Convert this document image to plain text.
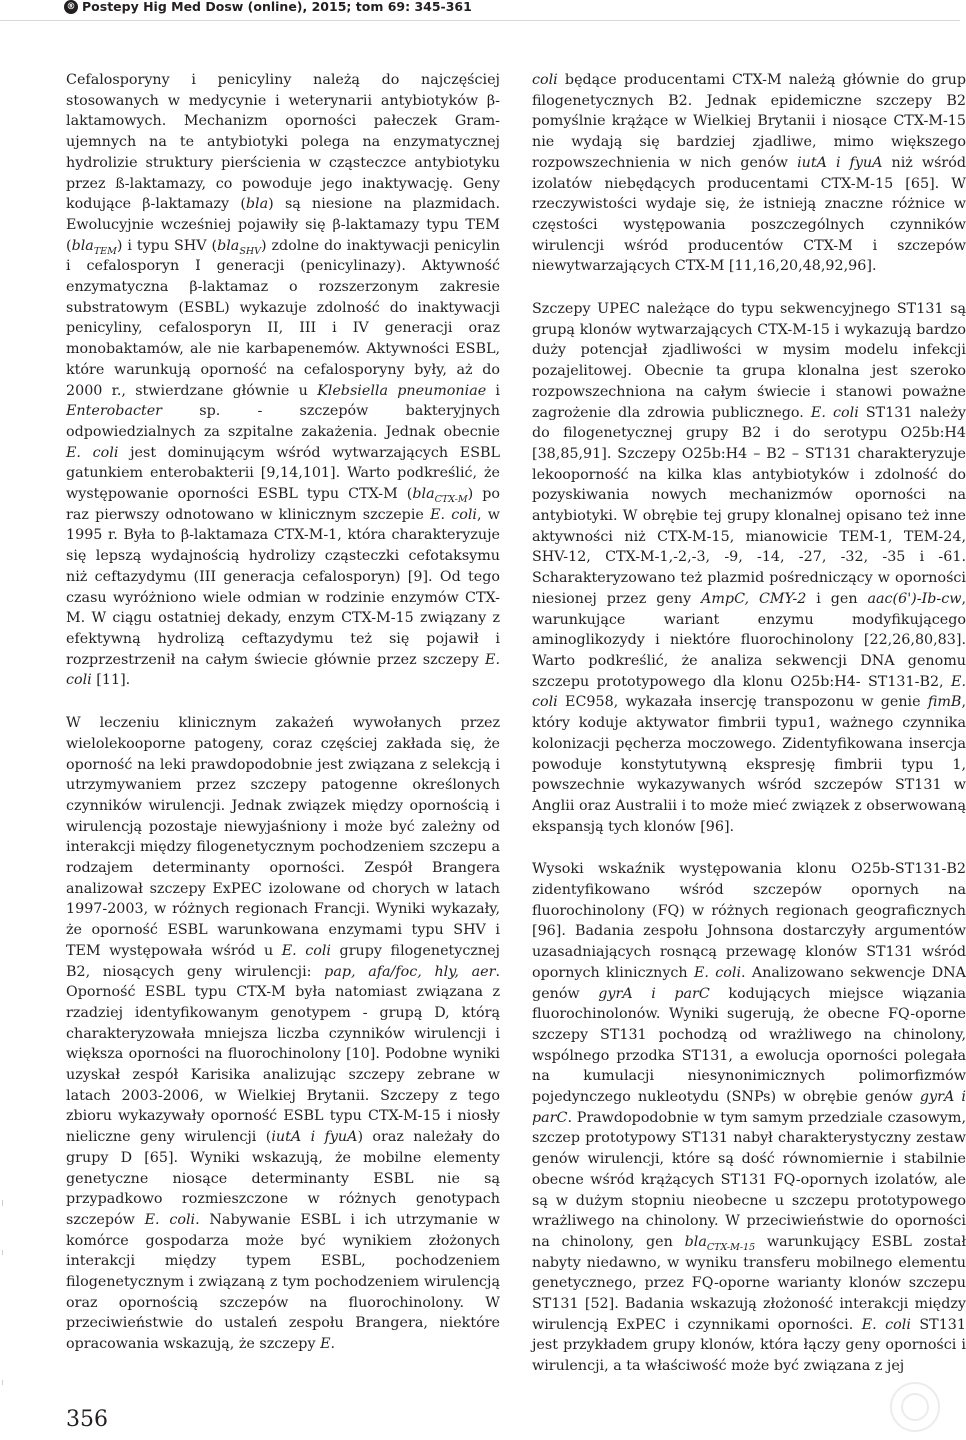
® Postepy Hig Med Dosw (online), 2015; tom 69: 345-361

Cefalosporyny i penicyliny należą do najczęściej stosowanych w medycynie i weterynarii antybiotyków β-laktamowych. Mechanizm oporności pałeczek Gram-ujemnych na te antybiotyki polega na enzymatycznej hydrolizie struktury pierścienia w cząsteczce antybiotyku przez ß-laktamazy, co powoduje jego inaktywację. Geny kodujące β-laktamazy (bla) są niesione na plazmidach. Ewolucyjnie wcześniej pojawiły się β-laktamazy typu TEM (bla$_{TEM}$) i typu SHV (bla$_{SHV}$) zdolne do inaktywacji penicylin i cefalosporyn I generacji (penicylinazy). Aktywność enzymatyczna β-laktamaz o rozszerzonym zakresie substratowym (ESBL) wykazuje zdolność do inaktywacji penicyliny, cefalosporyn II, III i IV generacji oraz monobaktamów, ale nie karbapenemów. Aktywności ESBL, które warunkują oporność na cefalosporyny były, aż do 2000 r., stwierdzane głównie u Klebsiella pneumoniae i Enterobacter sp. - szczepów bakteryjnych odpowiedzialnych za szpitalne zakażenia. Jednak obecnie E. coli jest dominującym wśród wytwarzających ESBL gatunkiem enterobakterii [9,14,101]. Warto podkreślić, że występowanie oporności ESBL typu CTX-M (bla$_{CTX-M}$) po raz pierwszy odnotowano w klinicznym szczepie E. coli, w 1995 r. Była to β-laktamaza CTX-M-1, która charakteryzuje się lepszą wydajnością hydrolizy cząsteczki cefotaksymu niż ceftazydymu (III generacja cefalosporyn) [9]. Od tego czasu wyróżniono wiele odmian w rodzinie enzymów CTX-M. W ciągu ostatniej dekady, enzym CTX-M-15 związany z efektywną hydrolizą ceftazydymu też się pojawił i rozprzestrzenił na całym świecie głównie przez szczepy E. coli [11].

W leczeniu klinicznym zakażeń wywołanych przez wielolekooporne patogeny, coraz częściej zakłada się, że oporność na leki prawdopodobnie jest związana z selekcją i utrzymywaniem przez szczepy patogenne określonych czynników wirulencji. Jednak związek między opornością i wirulencją pozostaje niewyjaśniony i może być zależny od interakcji między filogenetycznym pochodzeniem szczepu a rodzajem determinanty oporności. Zespół Brangera analizował szczepy ExPEC izolowane od chorych w latach 1997-2003, w różnych regionach Francji. Wyniki wykazały, że oporność ESBL warunkowana enzymami typu SHV i TEM występowała wśród u E. coli grupy filogenetycznej B2, niosących geny wirulencji: pap, afa/foc, hly, aer. Oporność ESBL typu CTX-M była natomiast związana z rzadziej identyfikowanym genotypem - grupą D, którą charakteryzowała mniejsza liczba czynników wirulencji i większa oporności na fluorochinolony [10]. Podobne wyniki uzyskał zespół Karisika analizując szczepy zebrane w latach 2003-2006, w Wielkiej Brytanii. Szczepy z tego zbioru wykazywały oporność ESBL typu CTX-M-15 i niosły nieliczne geny wirulencji (iutA i fyuA) oraz należały do grupy D [65]. Wyniki wskazują, że mobilne elementy genetyczne niosące determinanty ESBL nie są przypadkowo rozmieszczone w różnych genotypach szczepów E. coli. Nabywanie ESBL i ich utrzymanie w komórce gospodarza może być wynikiem złożonych interakcji między typem ESBL, pochodzeniem filogenetycznym i związaną z tym pochodzeniem wirulencją oraz opornością szczepów na fluorochinolony. W przeciwieństwie do ustaleń zespołu Brangera, niektóre opracowania wskazują, że szczepy E.

coli będące producentami CTX-M należą głównie do grup filogenetycznych B2. Jednak epidemiczne szczepy B2 pomyślnie krążące w Wielkiej Brytanii i niosące CTX-M-15 nie wydają się bardziej zjadliwe, mimo większego rozpowszechnienia w nich genów iutA i fyuA niż wśród izolatów niebędących producentami CTX-M-15 [65]. W rzeczywistości wydaje się, że istnieją znaczne różnice w częstości występowania poszczególnych czynników wirulencji wśród producentów CTX-M i szczepów niewytwarzających CTX-M [11,16,20,48,92,96].

Szczepy UPEC należące do typu sekwencyjnego ST131 są grupą klonów wytwarzających CTX-M-15 i wykazują bardzo duży potencjał zjadliwości w mysim modelu infekcji pozajelitowej. Obecnie ta grupa klonalna jest szeroko rozpowszechniona na całym świecie i stanowi poważne zagrożenie dla zdrowia publicznego. E. coli ST131 należy do filogenetycznej grupy B2 i do serotypu O25b:H4 [38,85,91]. Szczepy O25b:H4 – B2 – ST131 charakteryzuje lekooporność na kilka klas antybiotyków i zdolność do pozyskiwania nowych mechanizmów oporności na antybiotyki. W obrębie tej grupy klonalnej opisano też inne aktywności niż CTX-M-15, mianowicie TEM-1, TEM-24, SHV-12, CTX-M-1,-2,-3, -9, -14, -27, -32, -35 i -61. Scharakteryzowano też plazmid pośredniczący w oporności niesionej przez geny AmpC, CMY-2 i gen aac(6')-Ib-cw, warunkujące wariant enzymu modyfikującego aminoglikozydy i niektóre fluorochinolony [22,26,80,83]. Warto podkreślić, że analiza sekwencji DNA genomu szczepu prototypowego dla klonu O25b:H4- ST131-B2, E. coli EC958, wykazała insercję transpozonu w genie fimB, który koduje aktywator fimbrii typu1, ważnego czynnika kolonizacji pęcherza moczowego. Zidentyfikowana insercja powoduje konstytutywną ekspresję fimbrii typu 1, powszechnie wykazywanych wśród szczepów ST131 w Anglii oraz Australii i to może mieć związek z obserwowaną ekspansją tych klonów [96].

Wysoki wskaźnik występowania klonu O25b-ST131-B2 zidentyfikowano wśród szczepów opornych na fluorochinolony (FQ) w różnych regionach geograficznych [96]. Badania zespołu Johnsona dostarczyły argumentów uzasadniających rosnącą przewagę klonów ST131 wśród opornych klinicznych E. coli. Analizowano sekwencje DNA genów gyrA i parC kodujących miejsce wiązania fluorochinolonów. Wyniki sugerują, że obecne FQ-oporne szczepy ST131 pochodzą od wrażliwego na chinolony, wspólnego przodka ST131, a ewolucja oporności polegała na kumulacji niesynonimicznych polimorfizmów pojedynczego nukleotydu (SNPs) w obrębie genów gyrA i parC. Prawdopodobnie w tym samym przedziale czasowym, szczep prototypowy ST131 nabył charakterystyczny zestaw genów wirulencji, które są dość równomiernie i stabilnie obecne wśród krążących ST131 FQ-opornych izolatów, ale są w dużym stopniu nieobecne u szczepu prototypowego wrażliwego na chinolony. W przeciwieństwie do oporności na chinolony, gen bla$_{CTX-M-15}$ warunkujący ESBL został nabyty niedawno, w wyniku transferu mobilnego elementu genetycznego, przez FQ-oporne warianty klonów szczepu ST131 [52]. Badania wskazują złożoność interakcji między wirulencją ExPEC i czynnikami oporności. E. coli ST131 jest przykładem grupy klonów, która łączy geny oporności i wirulencji, a ta właściwość może być związana z jej

356
